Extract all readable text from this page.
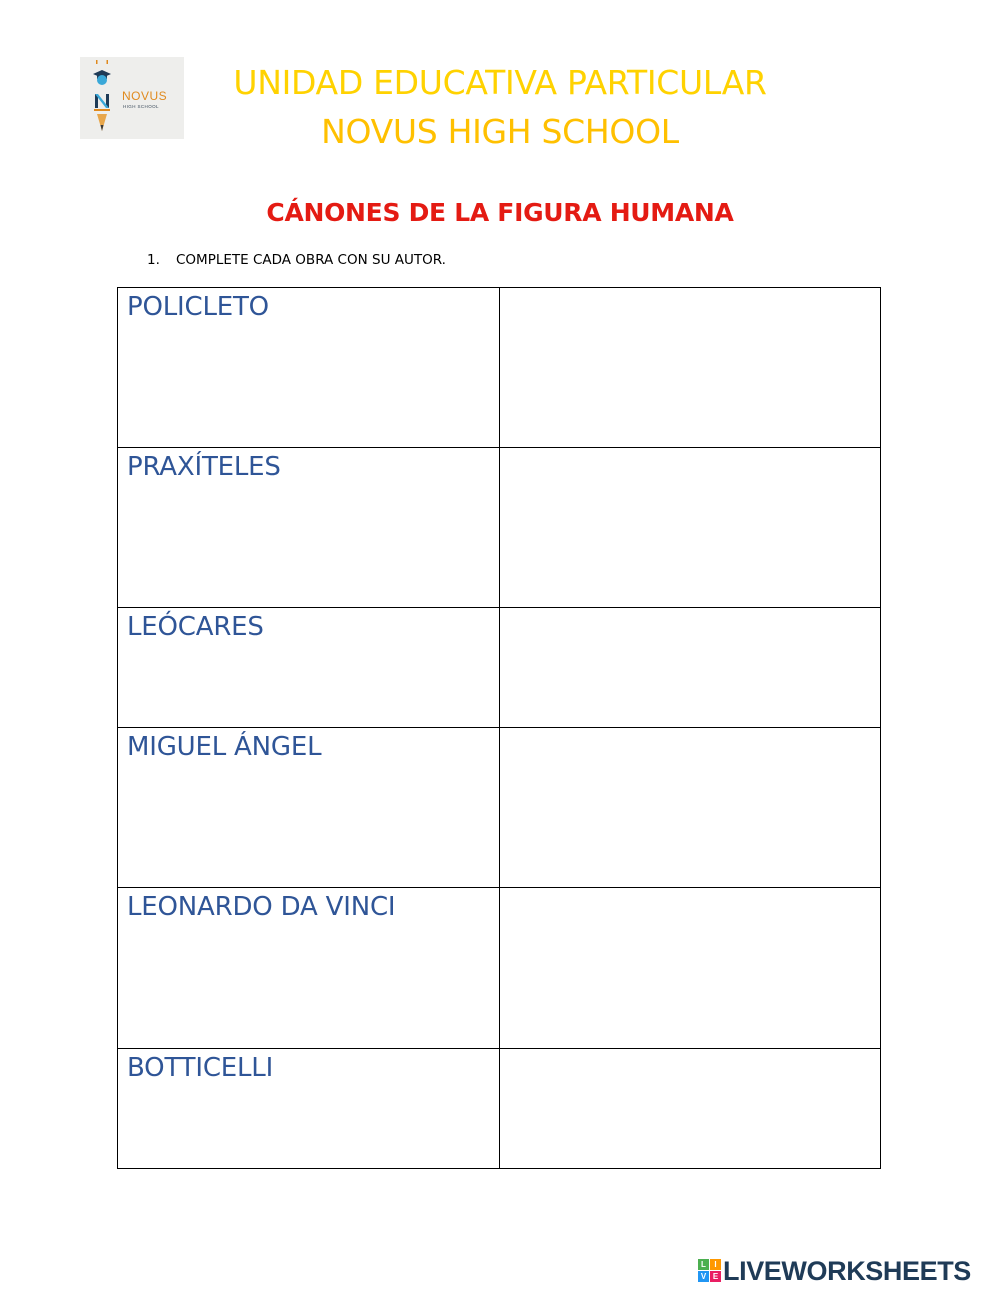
NOVUS
HIGH SCHOOL
UNIDAD EDUCATIVA PARTICULAR
NOVUS HIGH SCHOOL
CÁNONES DE LA FIGURA HUMANA
1. COMPLETE CADA OBRA CON SU AUTOR.
POLICLETO	
PRAXÍTELES	
LEÓCARES	
MIGUEL ÁNGEL	
LEONARDO DA VINCI	
BOTTICELLI	
L	I
V E LIVEWORKSHEETS
